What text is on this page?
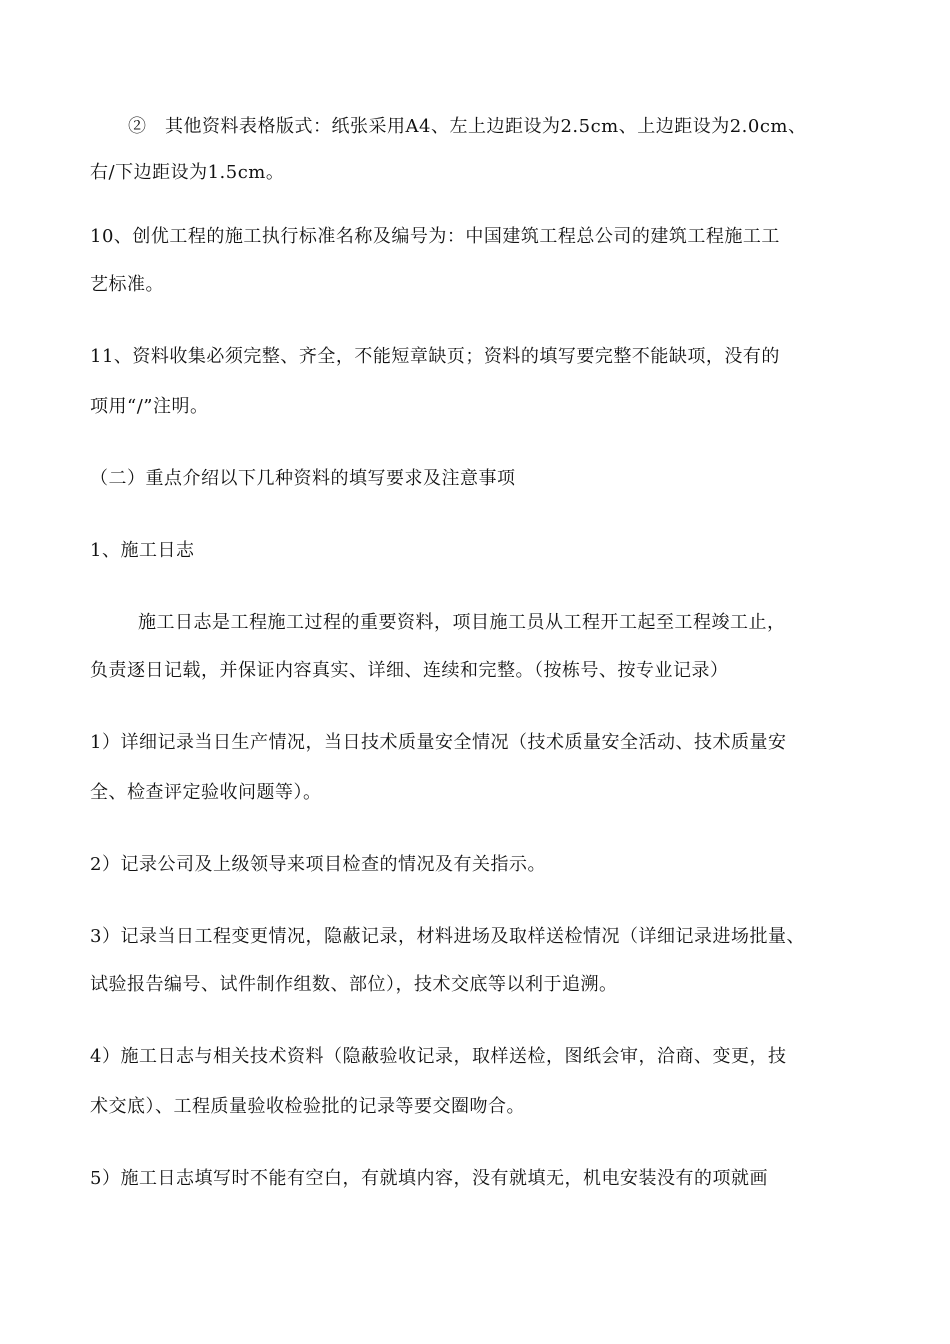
②　其他资料表格版式：纸张采用A4、左上边距设为2.5cm、上边距设为2.0cm、

右/下边距设为1.5cm。

10、创优工程的施工执行标准名称及编号为：中国建筑工程总公司的建筑工程施工工

艺标准。

11、资料收集必须完整、齐全，不能短章缺页；资料的填写要完整不能缺项，没有的

项用“/”注明。

（二）重点介绍以下几种资料的填写要求及注意事项

1、施工日志

施工日志是工程施工过程的重要资料，项目施工员从工程开工起至工程竣工止，

负责逐日记载，并保证内容真实、详细、连续和完整。（按栋号、按专业记录）

1）详细记录当日生产情况，当日技术质量安全情况（技术质量安全活动、技术质量安

全、检查评定验收问题等）。

2）记录公司及上级领导来项目检查的情况及有关指示。

3）记录当日工程变更情况，隐蔽记录，材料进场及取样送检情况（详细记录进场批量、

试验报告编号、试件制作组数、部位），技术交底等以利于追溯。

4）施工日志与相关技术资料（隐蔽验收记录，取样送检，图纸会审，洽商、变更，技

术交底）、工程质量验收检验批的记录等要交圈吻合。

5）施工日志填写时不能有空白，有就填内容，没有就填无，机电安装没有的项就画
